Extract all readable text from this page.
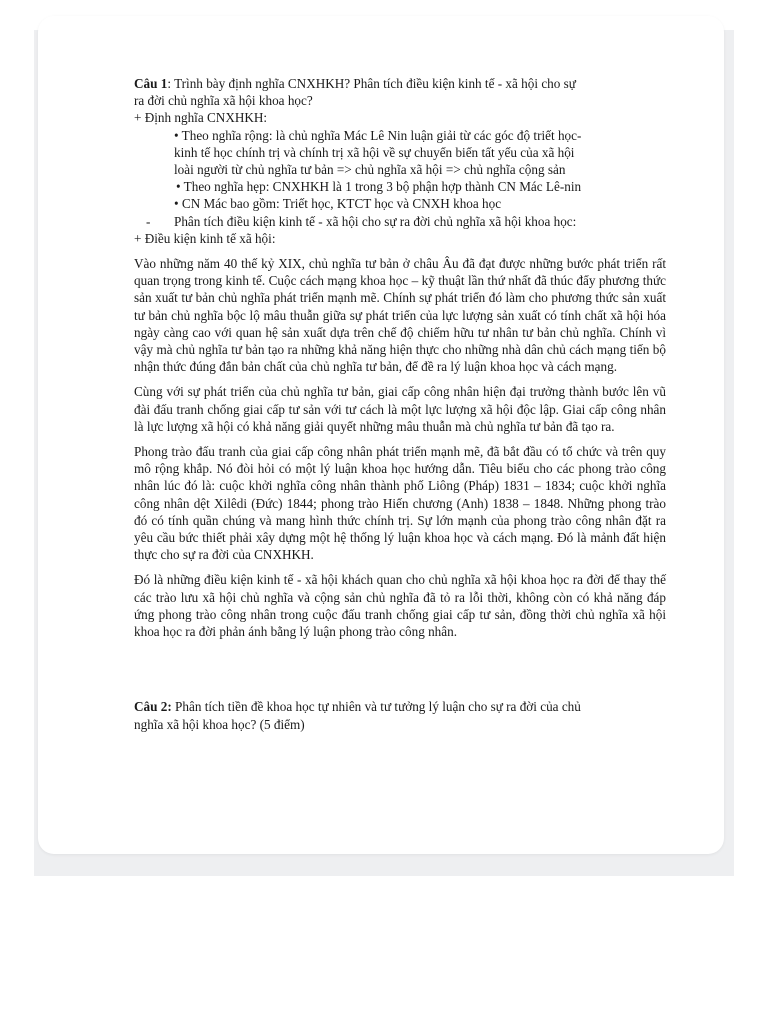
Câu 1: Trình bày định nghĩa CNXHKH? Phân tích điều kiện kinh tế - xã hội cho sự
ra đời chủ nghĩa xã hội khoa học?
+ Định nghĩa CNXHKH:
• Theo nghĩa rộng: là chủ nghĩa Mác Lê Nin luận giải từ các góc độ triết học-
kinh tế học chính trị và chính trị xã hội về sự chuyển biến tất yếu của xã hội
loài người từ chủ nghĩa tư bản => chủ nghĩa xã hội => chủ nghĩa cộng sản
• Theo nghĩa hẹp: CNXHKH là 1 trong 3 bộ phận hợp thành CN Mác Lê-nin
• CN Mác bao gồm: Triết học, KTCT học và CNXH khoa học
- Phân tích điều kiện kinh tế - xã hội cho sự ra đời chủ nghĩa xã hội khoa học:
+ Điều kiện kinh tế xã hội:

Vào những năm 40 thế kỷ XIX, chủ nghĩa tư bản ở châu Âu đã đạt được những bước phát triển rất quan trọng trong kinh tế. Cuộc cách mạng khoa học – kỹ thuật lần thứ nhất đã thúc đẩy phương thức sản xuất tư bản chủ nghĩa phát triển mạnh mẽ. Chính sự phát triển đó làm cho phương thức sản xuất tư bản chủ nghĩa bộc lộ mâu thuẫn giữa sự phát triển của lực lượng sản xuất có tính chất xã hội hóa ngày càng cao với quan hệ sản xuất dựa trên chế độ chiếm hữu tư nhân tư bản chủ nghĩa. Chính vì vậy mà chủ nghĩa tư bản tạo ra những khả năng hiện thực cho những nhà dân chủ cách mạng tiến bộ nhận thức đúng đắn bản chất của chủ nghĩa tư bản, để đề ra lý luận khoa học và cách mạng.

Cùng với sự phát triển của chủ nghĩa tư bản, giai cấp công nhân hiện đại trưởng thành bước lên vũ đài đấu tranh chống giai cấp tư sản với tư cách là một lực lượng xã hội độc lập. Giai cấp công nhân là lực lượng xã hội có khả năng giải quyết những mâu thuẫn mà chủ nghĩa tư bản đã tạo ra.

Phong trào đấu tranh của giai cấp công nhân phát triển mạnh mẽ, đã bắt đầu có tổ chức và trên quy mô rộng khắp. Nó đòi hỏi có một lý luận khoa học hướng dẫn. Tiêu biểu cho các phong trào công nhân lúc đó là: cuộc khởi nghĩa công nhân thành phố Liông (Pháp) 1831 – 1834; cuộc khởi nghĩa công nhân dệt Xilêdi (Đức) 1844; phong trào Hiến chương (Anh) 1838 – 1848. Những phong trào đó có tính quần chúng và mang hình thức chính trị. Sự lớn mạnh của phong trào công nhân đặt ra yêu cầu bức thiết phải xây dựng một hệ thống lý luận khoa học và cách mạng. Đó là mảnh đất hiện thực cho sự ra đời của CNXHKH.

Đó là những điều kiện kinh tế - xã hội khách quan cho chủ nghĩa xã hội khoa học ra đời để thay thế các trào lưu xã hội chủ nghĩa và cộng sản chủ nghĩa đã tỏ ra lỗi thời, không còn có khả năng đáp ứng phong trào công nhân trong cuộc đấu tranh chống giai cấp tư sản, đồng thời chủ nghĩa xã hội khoa học ra đời phản ánh bằng lý luận phong trào công nhân.

Câu 2: Phân tích tiền đề khoa học tự nhiên và tư tưởng lý luận cho sự ra đời của chủ
nghĩa xã hội khoa học? (5 điểm)
